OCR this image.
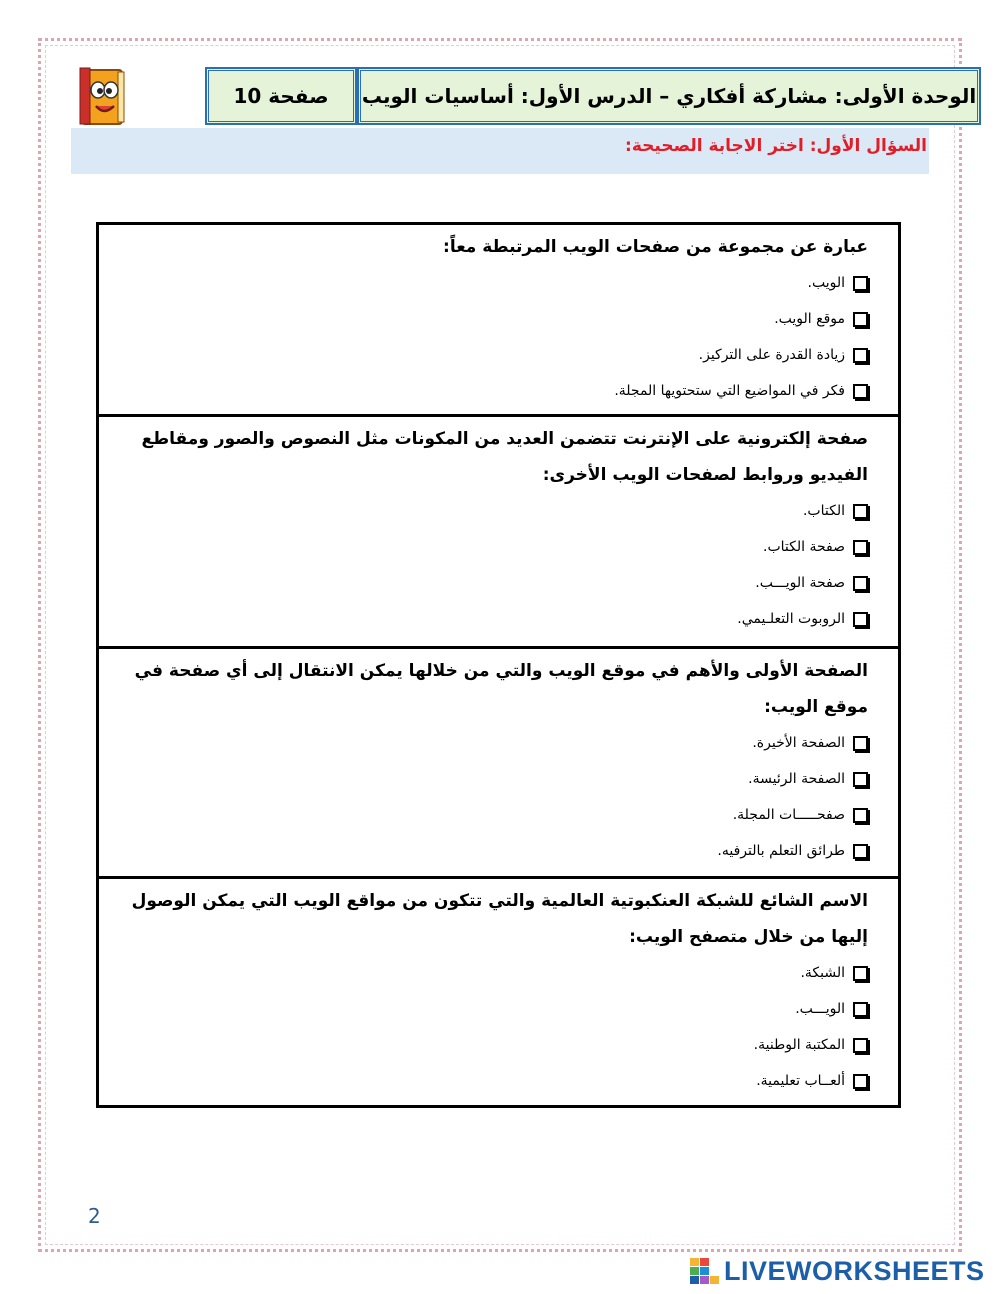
صفحة 10	الوحدة الأولى: مشاركة أفكاري – الدرس الأول: أساسيات الويب
السؤال الأول: اختر الاجابة الصحيحة:
عبارة عن مجموعة من صفحات الويب المرتبطة معاً:
الويب.
موقع الويب.
زيادة القدرة على التركيز.
فكر في المواضيع التي ستحتويها المجلة.
صفحة إلكترونية على الإنترنت تتضمن العديد من المكونات مثل النصوص والصور ومقاطع الفيديو وروابط لصفحات الويب الأخرى:
الكتاب.
صفحة الكتاب.
صفحة الويـــب.
الروبوت التعلـيمي.
الصفحة الأولى والأهم في موقع الويب والتي من خلالها يمكن الانتقال إلى أي صفحة في موقع الويب:
الصفحة الأخيرة.
الصفحة الرئيسة.
صفحـــــات المجلة.
طرائق التعلم بالترفيه.
الاسم الشائع للشبكة العنكبوتية العالمية والتي تتكون من مواقع الويب التي يمكن الوصول إليها من خلال متصفح الويب:
الشبكة.
الويـــب.
المكتبة الوطنية.
ألعــاب تعليمية.
2
LIVEWORKSHEETS
